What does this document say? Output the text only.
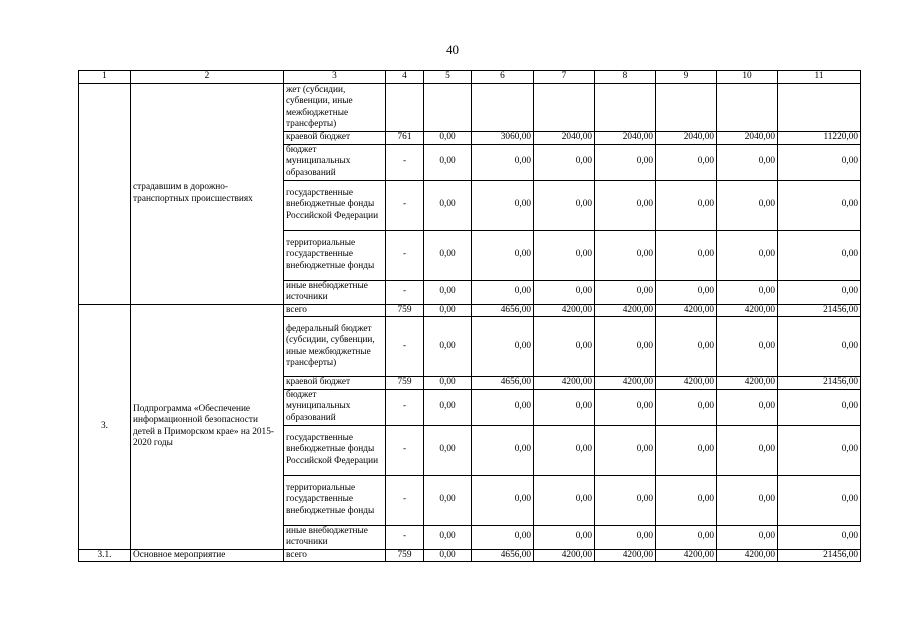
40
1	2	3	4	5	6	7	8	9	10	11
	страдавшим в дорожно-транспортных происшествиях	жет (субсидии, субвенции, иные межбюджетные трансферты)								
		краевой бюджет	761	0,00	3060,00	2040,00	2040,00	2040,00	2040,00	11220,00
		бюджет муниципальных образований	-	0,00	0,00	0,00	0,00	0,00	0,00	0,00
		государственные внебюджетные фонды Российской Федерации	-	0,00	0,00	0,00	0,00	0,00	0,00	0,00
		территориальные государственные внебюджетные фонды	-	0,00	0,00	0,00	0,00	0,00	0,00	0,00
		иные внебюджетные источники	-	0,00	0,00	0,00	0,00	0,00	0,00	0,00
3.	Подпрограмма «Обеспечение информационной безопасности детей в Приморском крае» на 2015-2020 годы	всего	759	0,00	4656,00	4200,00	4200,00	4200,00	4200,00	21456,00
		федеральный бюджет (субсидии, субвенции, иные межбюджетные трансферты)	-	0,00	0,00	0,00	0,00	0,00	0,00	0,00
		краевой бюджет	759	0,00	4656,00	4200,00	4200,00	4200,00	4200,00	21456,00
		бюджет муниципальных образований	-	0,00	0,00	0,00	0,00	0,00	0,00	0,00
		государственные внебюджетные фонды Российской Федерации	-	0,00	0,00	0,00	0,00	0,00	0,00	0,00
		территориальные государственные внебюджетные фонды	-	0,00	0,00	0,00	0,00	0,00	0,00	0,00
		иные внебюджетные источники	-	0,00	0,00	0,00	0,00	0,00	0,00	0,00
3.1.	Основное мероприятие	всего	759	0,00	4656,00	4200,00	4200,00	4200,00	4200,00	21456,00
